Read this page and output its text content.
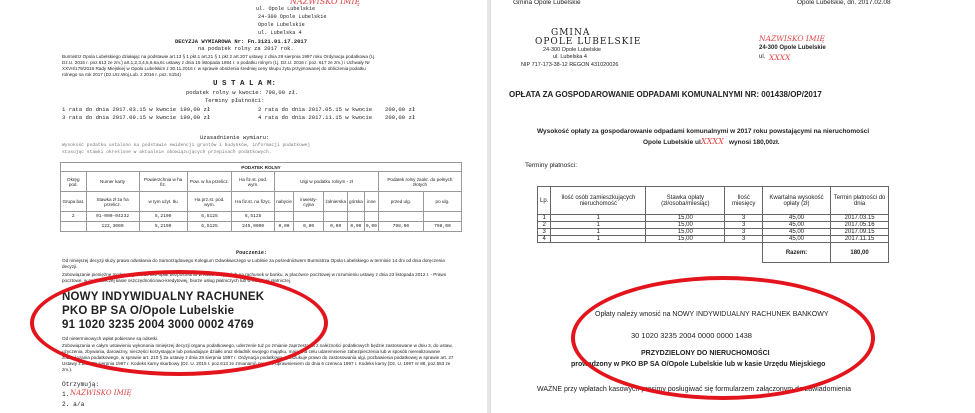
NAZWISKO IMIĘ
ul. Opole Lubelskie
24-300 Opole Lubelskie
Opole Lubelskie
ul. Lubelska 4
DECYZJA WYMIAROWA Nr: Fn.3121.01.17.2017
na podatek rolny za 2017 rok.
Burmistrz Opola Lubelskiego działając na podstawie art.13 § 1 pkt.1 art.21 § 1 pkt 2 art.207 ustawy z dnia 29 sierpnia 1997 roku Ordynacja podatkowa (t.j. Dz.U. 2015 r. poz.613 ze zm.) art.1,2,3,4,5,6,6a,6c ustawy z dnia 15 listopada 1984 r. o podatku rolnym (t.j. Dz.U. 2016 r. poz. 617 ze zm.) i Uchwały Nr XXVII/179/2016 Rady Miejskiej w Opolu Lubelskim z 30.11.2016 r. w sprawie obniżenia średniej ceny skupu żyta przyjmowanej do obliczenia podatku rolnego na rok 2017 (Dz.Urz.Woj.Lub. z 2016 r. poz. 5154)
U S T A L A M:
podatek rolny w kwocie: 798,00 zł.
Terminy płatności:
1 rata do dnia 2017.03.15 w kwocie 199,00 zł	2 rata do dnia 2017.05.15 w kwocie 200,00 zł
3 rata do dnia 2017.09.15 w kwocie 199,00 zł	4 rata do dnia 2017.11.15 w kwocie 200,00 zł
Uzasadnienie wymiaru:
Wysokość podatku ustalono na podstawie ewidencji gruntów i budynków, informacji podatkowej
stosując stawki określone w aktualnie obowiązujących przepisach podatkowych.
PODATEK ROLNY											
Okręg pod.	Numer karty	Powierzchnia w ha fiz.	Pow. w ha przelicz.	Ha fiz.st. pod. wym.	Ulgi w podatku rolnym - zł					Podatek rolny zaokr. do pełnych złotych	
Grupa bat.	Stawka zł za ha przelicz.	w tym użyt. tłu	Ha prz.st. pod. wym.	Ha fiz.st. na fizyc.	nabycie	inwesty-cyjna	żołnierska	górska	inne	przed ulg.	po ulg.
2	01-000-04232	5,2100	6,5125	6,5125							
	122,3000	5,2100	6,5125	245,0000	0,00	0,00	0,00	0,00	0,00	798,00	798,00
Pouczenie:
Od niniejszej decyzji służy prawo odwołania do Samorządowego Kolegium Odwoławczego w Lublinie za pośrednictwem Burmistrza Opola Lubelskiego w terminie 14 dni od dnia doręczenia decyzji.
Zobowiązanie pieniężne można regulować bez opłat bezpośrednio w kasie Urzędu lub na rachunek w banku, w placówce pocztowej w rozumieniu ustawy z dnia 23 listopada 2012 r. - Prawo pocztowe, w spółdzielczej kasie oszczędnościowo-kredytowej, biurze usług płatniczych lub w instytucji płatniczej.
NOWY INDYWIDUALNY RACHUNEK
PKO BP SA O/Opole Lubelskie
91 1020 3235 2004 3000 0002 4769
Od nieterminowych wpłat pobierane są odsetki.
Zobowiązania w całym ustawieniu wykonania niniejszej decyzji organu podatkowego, uderzenie tuż po zmianie zaprzestania z należności podatkowych będzie zastosowane w dniu 3, do ustaw, użyczenia, zbywania, darowizny, nieczęści korzystające lub posiadające działki oraz składnik swojego majątku, mając na celu udaremnienie zabezpieczenia lub w sposób nierealizowanie zobowiązania podatkowego, w sprawie art. 210 § 2a ustawy z dnia 29 sierpnia 1997 r. Ordynacja podatkowa - poszukuje prawo do zastosowania ulgi, pozbawienia podatkowej w sprawie art. 27 Ustawy z dnia 29 sierpnia 1997 r. Kodeks karny skarbowy (Dz. U. 2015 r. poz.613 ze zmianami) prawo z uprawnieniem do dnia 6 czerwca 1997 r. Kodeks karny (Dz. U. 1997 nr 88, poz.553 ze zm.).
Otrzymują:
1. NAZWISKO IMIĘ
2. a/a
Gmina Opole Lubelskie	Opole Lubelskie, dn. 2017.02.08
GMINA
OPOLE LUBELSKIE
24-300 Opole Lubelskie
ul. Lubelska 4
NIP 717-173-38-12 REGON 431020026
NAZWISKO IMIĘ
24-300 Opole Lubelskie
ul. XXXX
OPŁATA ZA GOSPODAROWANIE ODPADAMI KOMUNALNYMI NR: 001438/OP/2017
Wysokość opłaty za gospodarowanie odpadami komunalnymi w 2017 roku powstającymi na nieruchomości
Opole Lubelskie ul.
XXXX wynosi 180,00zł.
Terminy płatności:
Lp.	Ilość osób zamieszkujących nieruchomość	Stawka opłaty (zł/osoba/miesiąc)	Ilość miesięcy	Kwartalna wysokość opłaty (zł)	Termin płatności do dnia
1	1	15,00	3	45,00	2017.03.15
2	1	15,00	3	45,00	2017.05.16
3	1	15,00	3	45,00	2017.09.15
4	1	15,00	3	45,00	2017.11.15
				Razem:	180,00
Opłaty należy wnosić na NOWY INDYWIDUALNY RACHUNEK BANKOWY
30 1020 3235 2004 0000 0000 1438
PRZYDZIELONY DO NIERUCHOMOŚCI
prowadzony w PKO BP SA O/Opole Lubelskie lub w kasie Urzędu Miejskiego
WAŻNE przy wpłatach kasowych prosimy posługiwać się formularzem załączonym do zawiadomienia
